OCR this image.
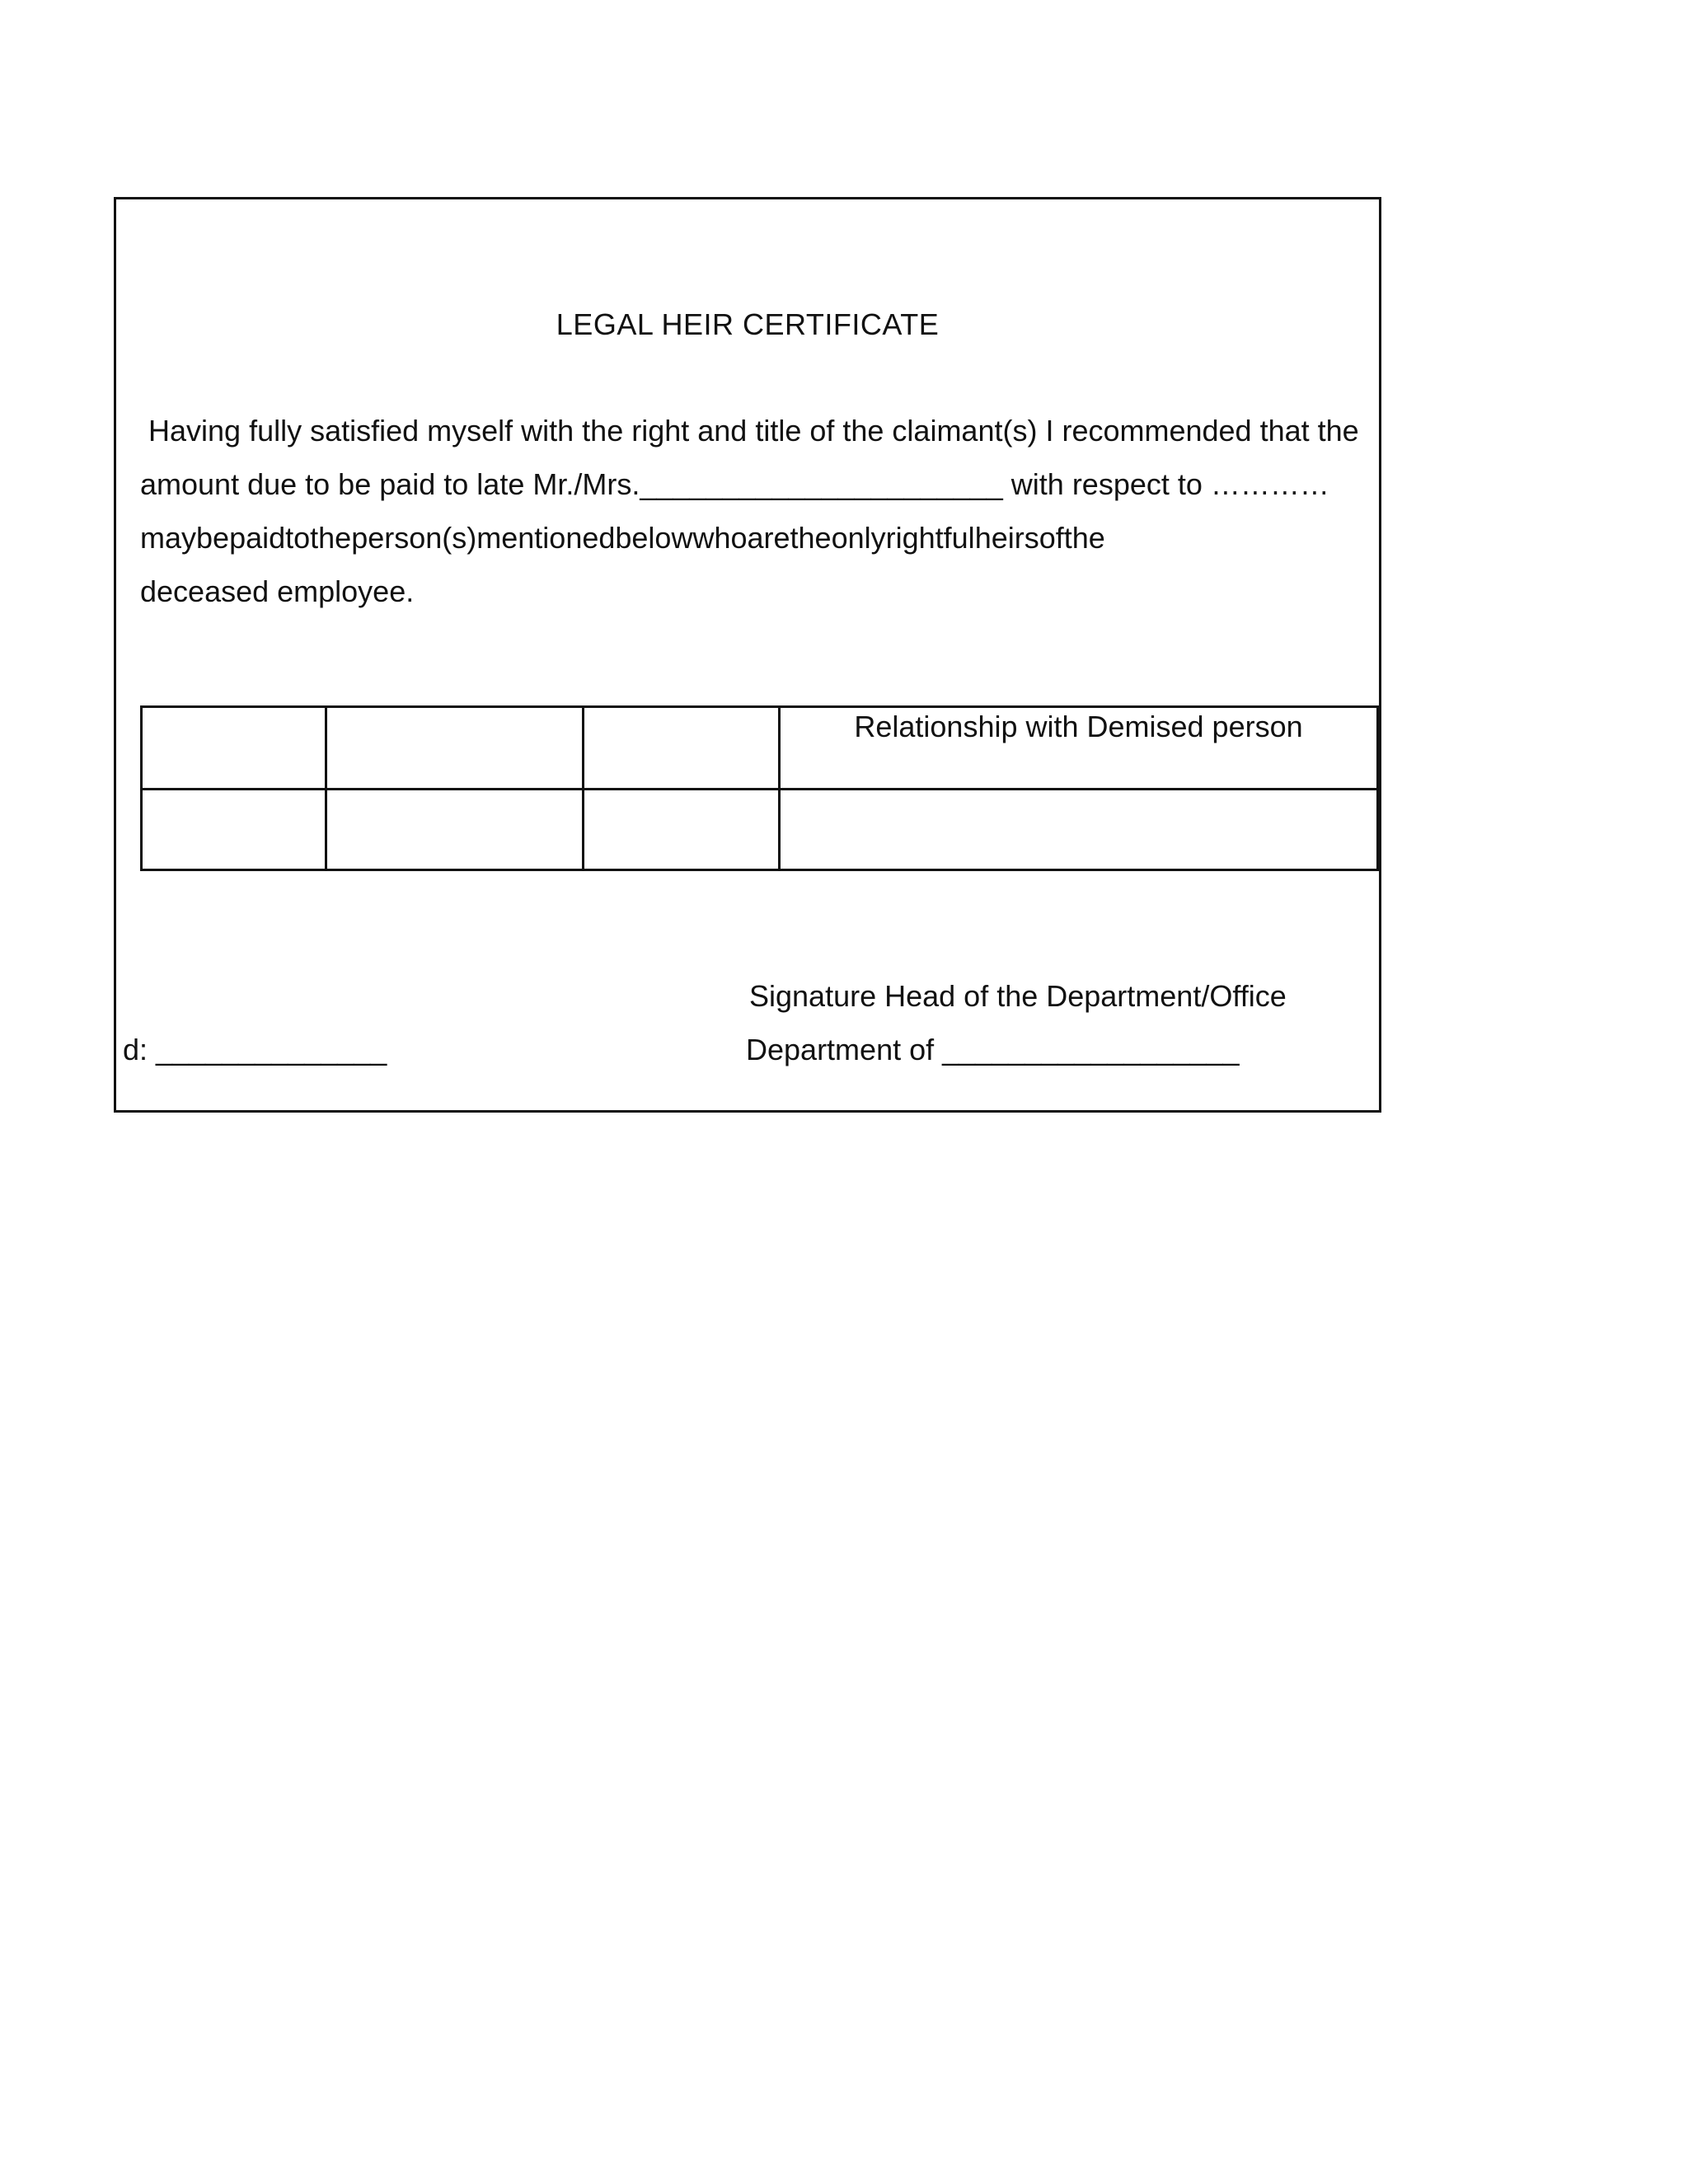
LEGAL HEIR CERTIFICATE
Having fully satisfied myself with the right and title of the claimant(s) I recommended that the
amount due to be paid to late Mr./Mrs.______________________ with respect to …………
maybepaidtotheperson(s)mentionedbelowwhoaretheonlyrightfulheirsofthe
deceased employee.
			Relationship with Demised person

Signature Head of the Department/Office
Department of __________________
d: ______________
